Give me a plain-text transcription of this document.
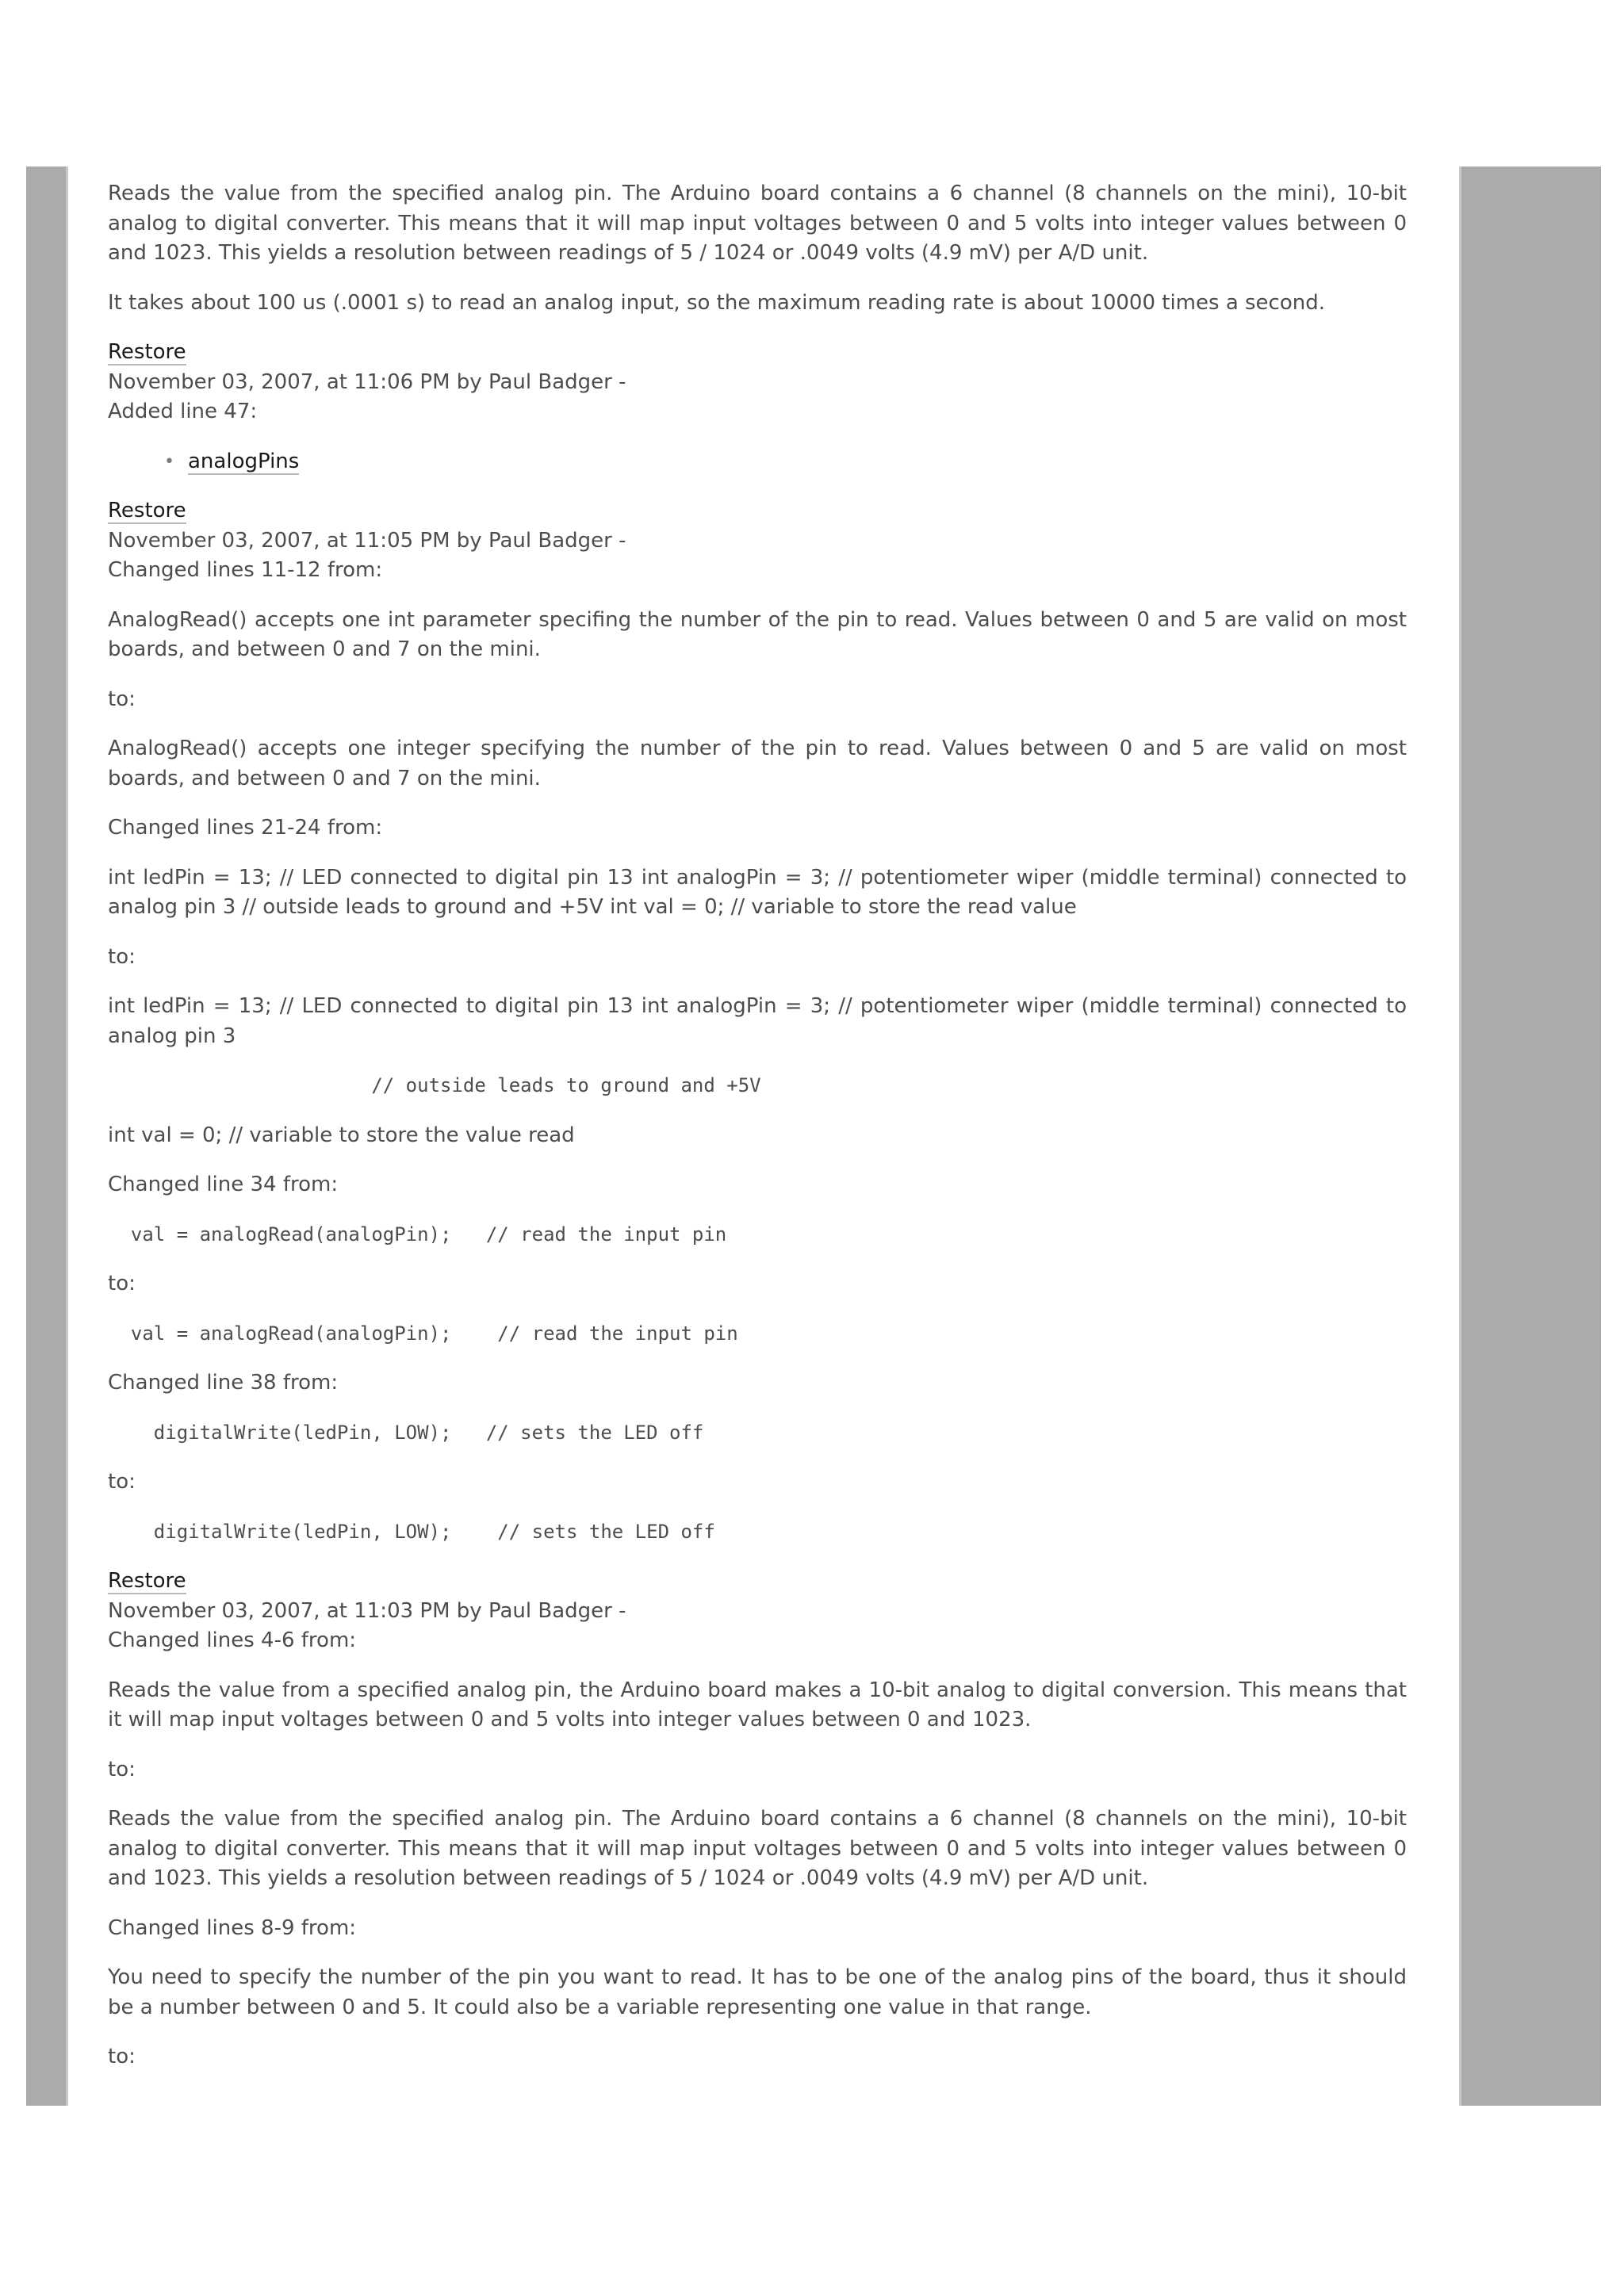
Reads the value from the specified analog pin. The Arduino board contains a 6 channel (8 channels on the mini), 10-bit analog to digital converter. This means that it will map input voltages between 0 and 5 volts into integer values between 0 and 1023. This yields a resolution between readings of 5 / 1024 or .0049 volts (4.9 mV) per A/D unit.

It takes about 100 us (.0001 s) to read an analog input, so the maximum reading rate is about 10000 times a second.

Restore
November 03, 2007, at 11:06 PM by Paul Badger -
Added line 47:
• analogPins
Restore
November 03, 2007, at 11:05 PM by Paul Badger -
Changed lines 11-12 from:

AnalogRead() accepts one int parameter specifing the number of the pin to read. Values between 0 and 5 are valid on most boards, and between 0 and 7 on the mini.

to:

AnalogRead() accepts one integer specifying the number of the pin to read. Values between 0 and 5 are valid on most boards, and between 0 and 7 on the mini.

Changed lines 21-24 from:

int ledPin = 13; // LED connected to digital pin 13 int analogPin = 3; // potentiometer wiper (middle terminal) connected to analog pin 3 // outside leads to ground and +5V int val = 0; // variable to store the read value

to:

int ledPin = 13; // LED connected to digital pin 13 int analogPin = 3; // potentiometer wiper (middle terminal) connected to analog pin 3

// outside leads to ground and +5V

int val = 0; // variable to store the value read

Changed line 34 from:

val = analogRead(analogPin);   // read the input pin

to:

val = analogRead(analogPin);    // read the input pin

Changed line 38 from:

digitalWrite(ledPin, LOW);   // sets the LED off

to:

digitalWrite(ledPin, LOW);    // sets the LED off
Restore
November 03, 2007, at 11:03 PM by Paul Badger -
Changed lines 4-6 from:

Reads the value from a specified analog pin, the Arduino board makes a 10-bit analog to digital conversion. This means that it will map input voltages between 0 and 5 volts into integer values between 0 and 1023.

to:

Reads the value from the specified analog pin. The Arduino board contains a 6 channel (8 channels on the mini), 10-bit analog to digital converter. This means that it will map input voltages between 0 and 5 volts into integer values between 0 and 1023. This yields a resolution between readings of 5 / 1024 or .0049 volts (4.9 mV) per A/D unit.

Changed lines 8-9 from:

You need to specify the number of the pin you want to read. It has to be one of the analog pins of the board, thus it should be a number between 0 and 5. It could also be a variable representing one value in that range.

to:
